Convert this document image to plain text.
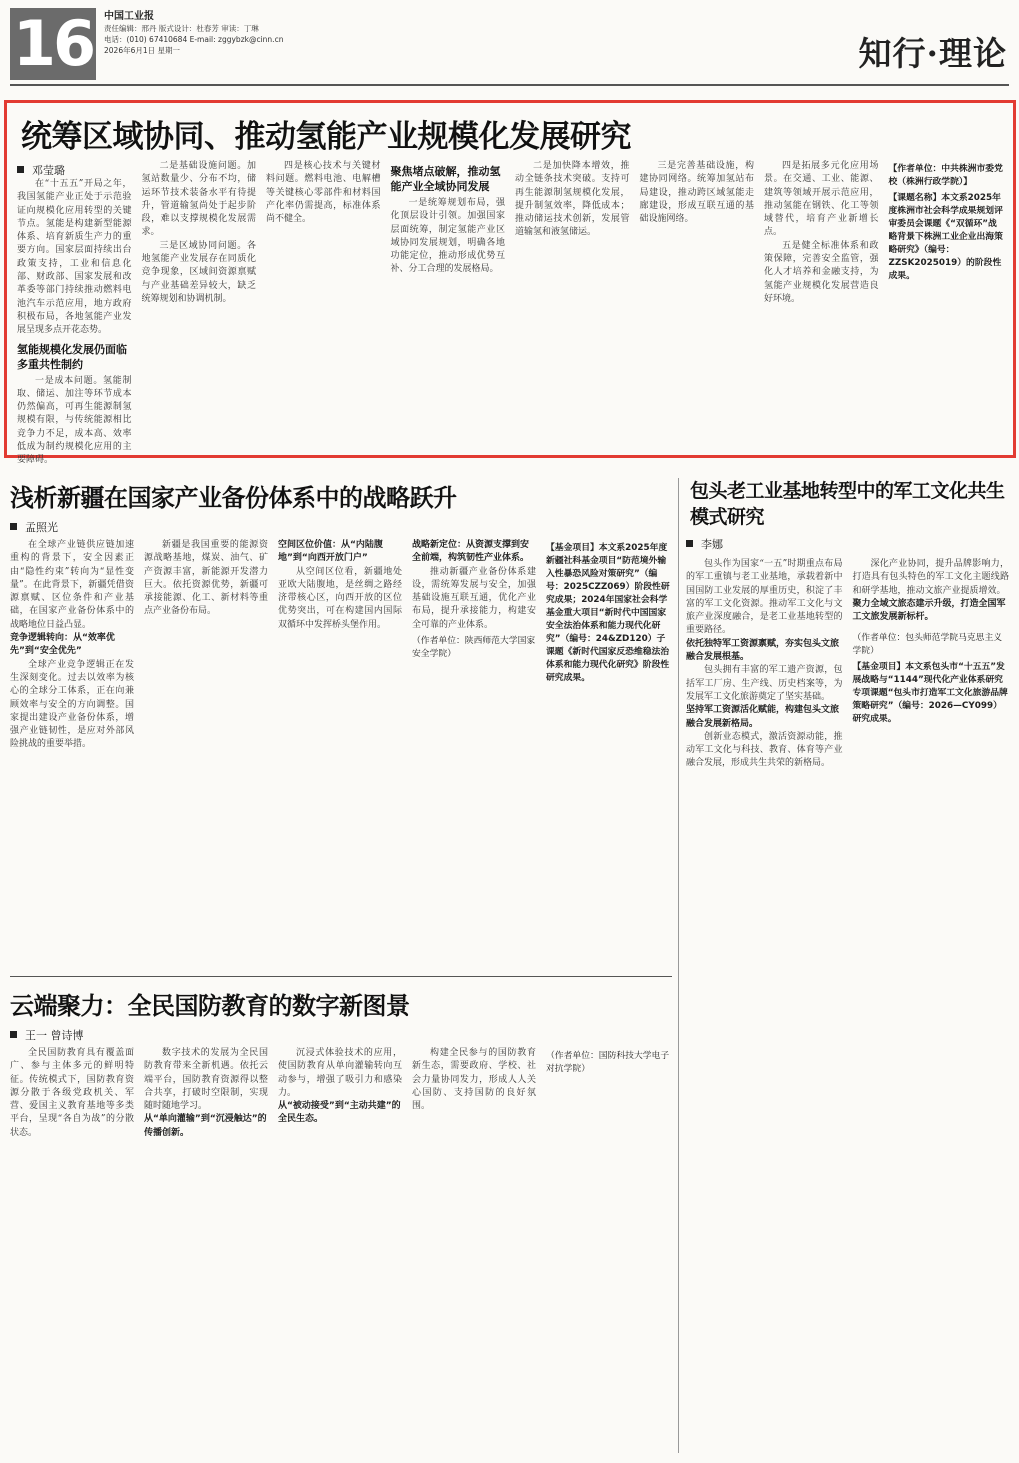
16 中国工业报
责任编辑：邢丹 版式设计：杜春芳 审读：丁琳
电话：(010) 67410684 E-mail: zggybzk@cinn.cn
2026年6月1日 星期一	知行·理论
统筹区域协同、推动氢能产业规模化发展研究
邓莹璐

在“十五五”开局之年，我国氢能产业正处于示范验证向规模化应用转型的关键节点。氢能是构建新型能源体系、培育新质生产力的重要方向。国家层面持续出台政策支持，工业和信息化部、财政部、国家发展和改革委等部门持续推动燃料电池汽车示范应用，地方政府积极布局，各地氢能产业发展呈现多点开花态势。

氢能规模化发展仍面临多重共性制约

一是成本问题。氢能制取、储运、加注等环节成本仍然偏高，可再生能源制氢规模有限，与传统能源相比竞争力不足，成本高、效率低成为制约规模化应用的主要障碍。

二是基础设施问题。加氢站数量少、分布不均，储运环节技术装备水平有待提升，管道输氢尚处于起步阶段，难以支撑规模化发展需求。

三是区域协同问题。各地氢能产业发展存在同质化竞争现象，区域间资源禀赋与产业基础差异较大，缺乏统筹规划和协调机制。

四是核心技术与关键材料问题。燃料电池、电解槽等关键核心零部件和材料国产化率仍需提高，标准体系尚不健全。

聚焦堵点破解，推动氢能产业全域协同发展

一是统筹规划布局，强化顶层设计引领。加强国家层面统筹，制定氢能产业区域协同发展规划，明确各地功能定位，推动形成优势互补、分工合理的发展格局。

二是加快降本增效，推动全链条技术突破。支持可再生能源制氢规模化发展，提升制氢效率，降低成本；推动储运技术创新，发展管道输氢和液氢储运。

三是完善基础设施，构建协同网络。统筹加氢站布局建设，推动跨区域氢能走廊建设，形成互联互通的基础设施网络。

四是拓展多元化应用场景。在交通、工业、能源、建筑等领域开展示范应用，推动氢能在钢铁、化工等领域替代，培育产业新增长点。

五是健全标准体系和政策保障，完善安全监管，强化人才培养和金融支持，为氢能产业规模化发展营造良好环境。

【作者单位：中共株洲市委党校（株洲行政学院）】
【课题名称】本文系2025年度株洲市社会科学成果规划评审委员会课题《“双循环”战略背景下株洲工业企业出海策略研究》（编号：ZZSK2025019）的阶段性成果。
浅析新疆在国家产业备份体系中的战略跃升
孟照光

在全球产业链供应链加速重构的背景下，安全因素正由“隐性约束”转向为“显性变量”。在此背景下，新疆凭借资源禀赋、区位条件和产业基础，在国家产业备份体系中的战略地位日益凸显。

竞争逻辑转向：从“效率优先”到“安全优先”

全球产业竞争逻辑正在发生深刻变化。过去以效率为核心的全球分工体系，正在向兼顾效率与安全的方向调整。国家提出建设产业备份体系，增强产业链韧性，是应对外部风险挑战的重要举措。

新疆是我国重要的能源资源战略基地，煤炭、油气、矿产资源丰富，新能源开发潜力巨大。依托资源优势，新疆可承接能源、化工、新材料等重点产业备份布局。

空间区位价值：从“内陆腹地”到“向西开放门户”

从空间区位看，新疆地处亚欧大陆腹地，是丝绸之路经济带核心区，向西开放的区位优势突出，可在构建国内国际双循环中发挥桥头堡作用。

战略新定位：从资源支撑到安全前端，构筑韧性产业体系。

推动新疆产业备份体系建设，需统筹发展与安全，加强基础设施互联互通，优化产业布局，提升承接能力，构建安全可靠的产业体系。

（作者单位：陕西师范大学国家安全学院）
【基金项目】本文系2025年度新疆社科基金项目“防范境外输入性暴恐风险对策研究”（编号：2025CZZ069）阶段性研究成果；2024年国家社会科学基金重大项目“新时代中国国家安全法治体系和能力现代化研究”（编号：24&ZD120）子课题《新时代国家反恐维稳法治体系和能力现代化研究》阶段性研究成果。
包头老工业基地转型中的军工文化共生模式研究
李娜

包头作为国家“一五”时期重点布局的军工重镇与老工业基地，承载着新中国国防工业发展的厚重历史，积淀了丰富的军工文化资源。推动军工文化与文旅产业深度融合，是老工业基地转型的重要路径。

依托独特军工资源禀赋，夯实包头文旅融合发展根基。

包头拥有丰富的军工遗产资源，包括军工厂房、生产线、历史档案等，为发展军工文化旅游奠定了坚实基础。

坚持军工资源活化赋能，构建包头文旅融合发展新格局。

创新业态模式，激活资源动能，推动军工文化与科技、教育、体育等产业融合发展，形成共生共荣的新格局。

深化产业协同，提升品牌影响力，打造具有包头特色的军工文化主题线路和研学基地，推动文旅产业提质增效。

聚力全域文旅态建示升级，打造全国军工文旅发展新标杆。
（作者单位：包头师范学院马克思主义学院）
【基金项目】本文系包头市“十五五”发展战略与“1144”现代化产业体系研究专项课题“包头市打造军工文化旅游品牌策略研究”（编号：2026—CY099）研究成果。
云端聚力：全民国防教育的数字新图景
王一 曾诗博

全民国防教育具有覆盖面广、参与主体多元的鲜明特征。传统模式下，国防教育资源分散于各级党政机关、军营、爱国主义教育基地等多类平台，呈现“各自为战”的分散状态。

数字技术的发展为全民国防教育带来全新机遇。依托云端平台，国防教育资源得以整合共享，打破时空限制，实现随时随地学习。

从“单向灌输”到“沉浸触达”的传播创新。

沉浸式体验技术的应用，使国防教育从单向灌输转向互动参与，增强了吸引力和感染力。

从“被动接受”到“主动共建”的全民生态。

构建全民参与的国防教育新生态，需要政府、学校、社会力量协同发力，形成人人关心国防、支持国防的良好氛围。

（作者单位：国防科技大学电子对抗学院）
